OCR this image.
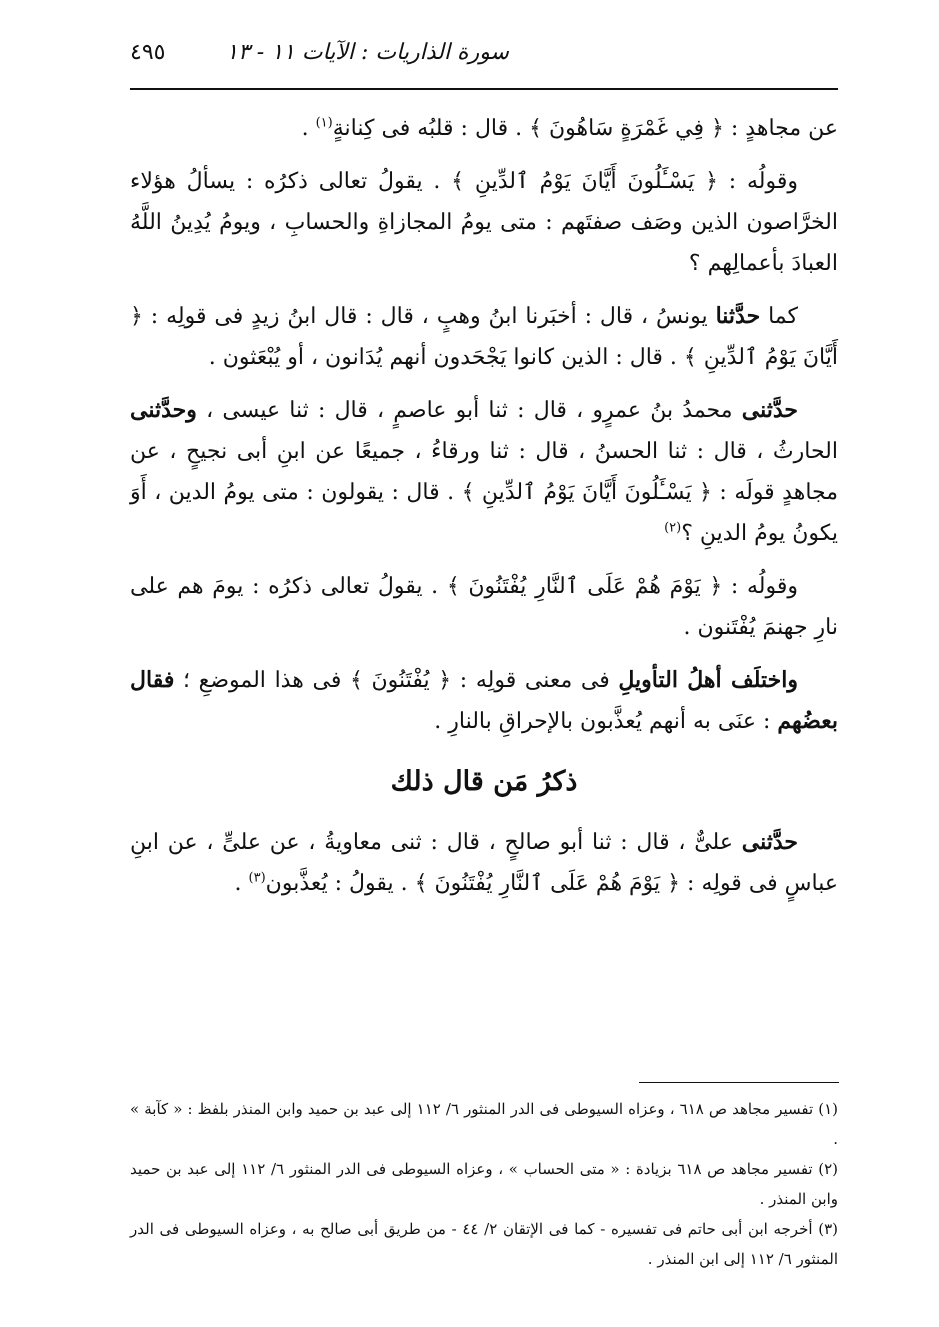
سورة الذاريات : الآيات ١١ - ١٣
٤٩٥

عن مجاهدٍ : ﴿ فِي غَمْرَةٍ سَاهُونَ ﴾ . قال : قلبُه فى كِنانةٍ$^{(١)}$ .

وقولُه : ﴿ يَسْـَٔلُونَ أَيَّانَ يَوْمُ ٱلدِّينِ ﴾ . يقولُ تعالى ذكرُه : يسألُ هؤلاء الخرَّاصون الذين وصَف صفتَهم : متى يومُ المجازاةِ والحسابِ ، ويومُ يُدِينُ اللَّهُ العبادَ بأعمالِهم ؟

كما حدَّثنا يونسُ ، قال : أخبَرنا ابنُ وهبٍ ، قال : قال ابنُ زيدٍ فى قولِه : ﴿ أَيَّانَ يَوْمُ ٱلدِّينِ ﴾ . قال : الذين كانوا يَجْحَدون أنهم يُدَانون ، أو يُبْعَثون .

حدَّثنى محمدُ بنُ عمرٍو ، قال : ثنا أبو عاصمٍ ، قال : ثنا عيسى ، وحدَّثنى الحارثُ ، قال : ثنا الحسنُ ، قال : ثنا ورقاءُ ، جميعًا عن ابنِ أبى نجيحٍ ، عن مجاهدٍ قولَه : ﴿ يَسْـَٔلُونَ أَيَّانَ يَوْمُ ٱلدِّينِ ﴾ . قال : يقولون : متى يومُ الدين ، أَوَ يكونُ يومُ الدينِ ؟$^{(٢)}$

وقولُه : ﴿ يَوْمَ هُمْ عَلَى ٱلنَّارِ يُفْتَنُونَ ﴾ . يقولُ تعالى ذكرُه : يومَ هم على نارِ جهنمَ يُفْتَنون .

واختلَف أهلُ التأويلِ فى معنى قولِه : ﴿ يُفْتَنُونَ ﴾ فى هذا الموضعِ ؛ فقال بعضُهم : عنَى به أنهم يُعذَّبون بالإحراقِ بالنارِ .

ذكرُ مَن قال ذلك

حدَّثنى علىٌّ ، قال : ثنا أبو صالحٍ ، قال : ثنى معاويةُ ، عن علىٍّ ، عن ابنِ عباسٍ فى قولِه : ﴿ يَوْمَ هُمْ عَلَى ٱلنَّارِ يُفْتَنُونَ ﴾ . يقولُ : يُعذَّبون$^{(٣)}$ .

(١) تفسير مجاهد ص ٦١٨ ، وعزاه السيوطى فى الدر المنثور ٦/ ١١٢ إلى عبد بن حميد وابن المنذر بلفظ : « كآبة » .

(٢) تفسير مجاهد ص ٦١٨ بزيادة : « متى الحساب » ، وعزاه السيوطى فى الدر المنثور ٦/ ١١٢ إلى عبد بن حميد وابن المنذر .

(٣) أخرجه ابن أبى حاتم فى تفسيره - كما فى الإتقان ٢/ ٤٤ - من طريق أبى صالح به ، وعزاه السيوطى فى الدر المنثور ٦/ ١١٢ إلى ابن المنذر .
